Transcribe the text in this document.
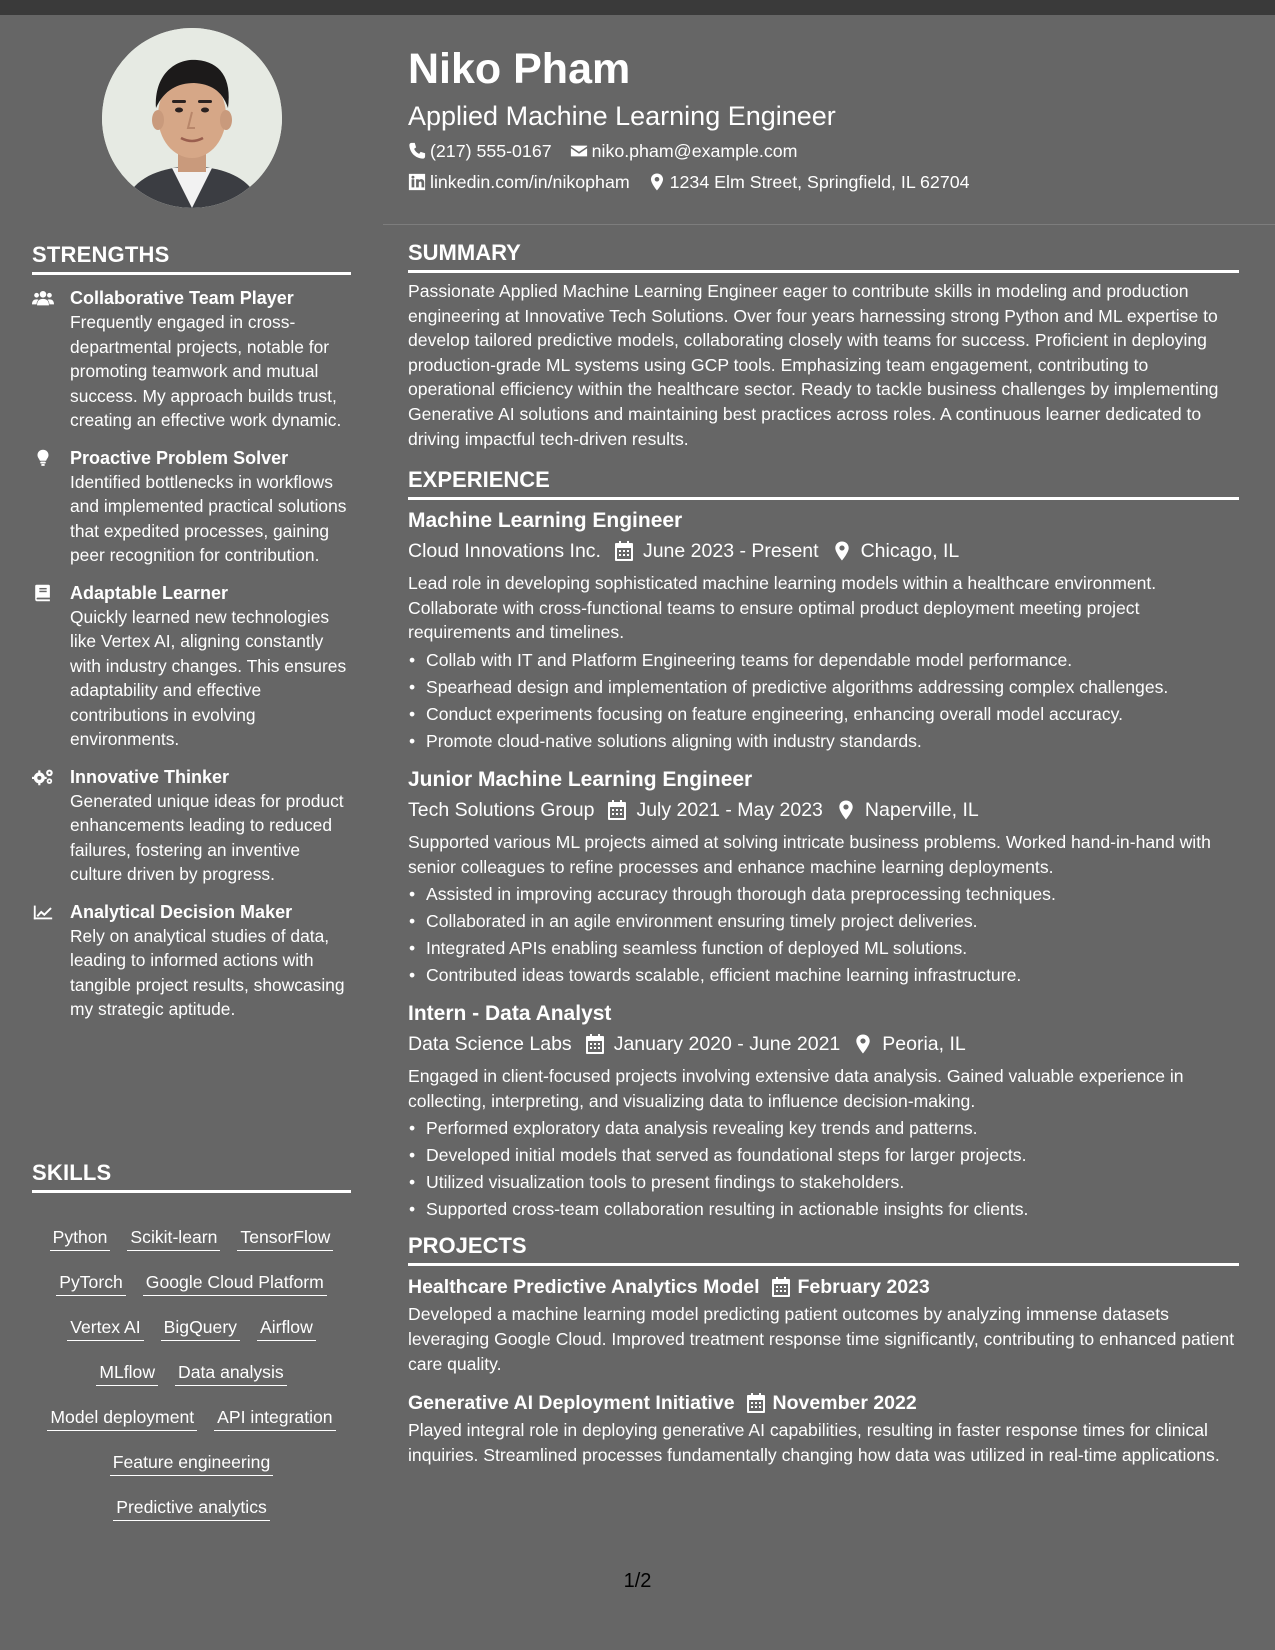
STRENGTHS
Collaborative Team Player
Frequently engaged in cross-departmental projects, notable for promoting teamwork and mutual success. My approach builds trust, creating an effective work dynamic.
Proactive Problem Solver
Identified bottlenecks in workflows and implemented practical solutions that expedited processes, gaining peer recognition for contribution.
Adaptable Learner
Quickly learned new technologies like Vertex AI, aligning constantly with industry changes. This ensures adaptability and effective contributions in evolving environments.
Innovative Thinker
Generated unique ideas for product enhancements leading to reduced failures, fostering an inventive culture driven by progress.
Analytical Decision Maker
Rely on analytical studies of data, leading to informed actions with tangible project results, showcasing my strategic aptitude.
SKILLS
Python Scikit-learn TensorFlow
PyTorch Google Cloud Platform
Vertex AI BigQuery Airflow
MLflow Data analysis
Model deployment API integration
Feature engineering
Predictive analytics
Niko Pham
Applied Machine Learning Engineer
(217) 555-0167 niko.pham@example.com
linkedin.com/in/nikopham 1234 Elm Street, Springfield, IL 62704
SUMMARY
Passionate Applied Machine Learning Engineer eager to contribute skills in modeling and production engineering at Innovative Tech Solutions. Over four years harnessing strong Python and ML expertise to develop tailored predictive models, collaborating closely with teams for success. Proficient in deploying production-grade ML systems using GCP tools. Emphasizing team engagement, contributing to operational efficiency within the healthcare sector. Ready to tackle business challenges by implementing Generative AI solutions and maintaining best practices across roles. A continuous learner dedicated to driving impactful tech-driven results.
EXPERIENCE
Machine Learning Engineer
Cloud Innovations Inc. June 2023 - Present Chicago, IL
Lead role in developing sophisticated machine learning models within a healthcare environment. Collaborate with cross-functional teams to ensure optimal product deployment meeting project requirements and timelines.
• Collab with IT and Platform Engineering teams for dependable model performance.
• Spearhead design and implementation of predictive algorithms addressing complex challenges.
• Conduct experiments focusing on feature engineering, enhancing overall model accuracy.
• Promote cloud-native solutions aligning with industry standards.
Junior Machine Learning Engineer
Tech Solutions Group July 2021 - May 2023 Naperville, IL
Supported various ML projects aimed at solving intricate business problems. Worked hand-in-hand with senior colleagues to refine processes and enhance machine learning deployments.
• Assisted in improving accuracy through thorough data preprocessing techniques.
• Collaborated in an agile environment ensuring timely project deliveries.
• Integrated APIs enabling seamless function of deployed ML solutions.
• Contributed ideas towards scalable, efficient machine learning infrastructure.
Intern - Data Analyst
Data Science Labs January 2020 - June 2021 Peoria, IL
Engaged in client-focused projects involving extensive data analysis. Gained valuable experience in collecting, interpreting, and visualizing data to influence decision-making.
• Performed exploratory data analysis revealing key trends and patterns.
• Developed initial models that served as foundational steps for larger projects.
• Utilized visualization tools to present findings to stakeholders.
• Supported cross-team collaboration resulting in actionable insights for clients.
PROJECTS
Healthcare Predictive Analytics Model February 2023
Developed a machine learning model predicting patient outcomes by analyzing immense datasets leveraging Google Cloud. Improved treatment response time significantly, contributing to enhanced patient care quality.
Generative AI Deployment Initiative November 2022
Played integral role in deploying generative AI capabilities, resulting in faster response times for clinical inquiries. Streamlined processes fundamentally changing how data was utilized in real-time applications.
1/2
